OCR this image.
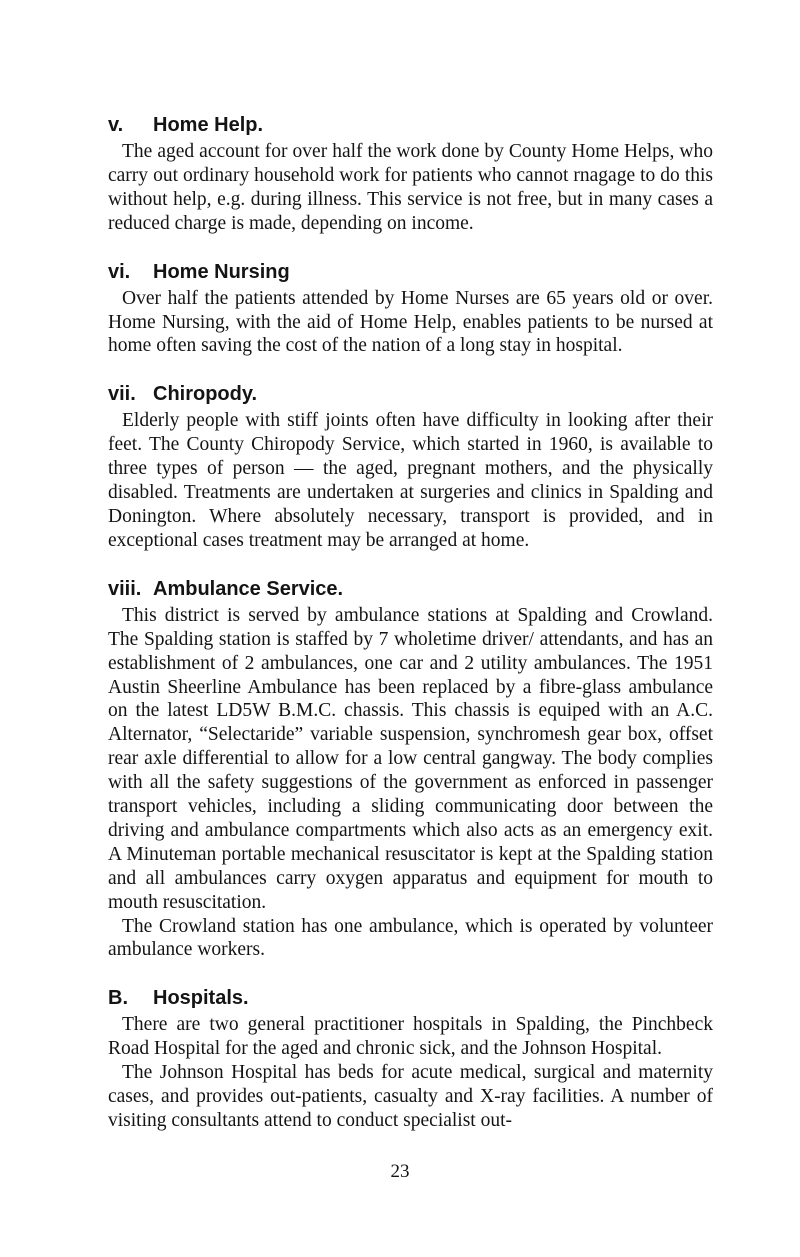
v.	Home Help.

The aged account for over half the work done by County Home Helps, who carry out ordinary household work for patients who cannot rnagage to do this without help, e.g. during illness. This service is not free, but in many cases a reduced charge is made, depending on income.

vi.	Home Nursing

Over half the patients attended by Home Nurses are 65 years old or over. Home Nursing, with the aid of Home Help, enables patients to be nursed at home often saving the cost of the nation of a long stay in hospital.

vii. Chiropody.

Elderly people with stiff joints often have difficulty in looking after their feet. The County Chiropody Service, which started in 1960, is available to three types of person — the aged, pregnant mothers, and the physically disabled. Treatments are undertaken at surgeries and clinics in Spalding and Donington. Where absolutely necessary, transport is provided, and in exceptional cases treatment may be arranged at home.

viii. Ambulance Service.

This district is served by ambulance stations at Spalding and Crowland. The Spalding station is staffed by 7 wholetime driver/ attendants, and has an establishment of 2 ambulances, one car and 2 utility ambulances. The 1951 Austin Sheerline Ambulance has been replaced by a fibre-glass ambulance on the latest LD5W B.M.C. chassis. This chassis is equiped with an A.C. Alternator, “Selectaride” variable suspension, synchromesh gear box, offset rear axle differential to allow for a low central gangway. The body complies with all the safety suggestions of the government as enforced in passenger transport vehicles, including a sliding communicating door between the driving and ambulance compartments which also acts as an emergency exit. A Minuteman portable mechanical resuscitator is kept at the Spalding station and all ambulances carry oxygen apparatus and equipment for mouth to mouth resuscitation.

The Crowland station has one ambulance, which is operated by volunteer ambulance workers.

B.	Hospitals.

There are two general practitioner hospitals in Spalding, the Pinchbeck Road Hospital for the aged and chronic sick, and the Johnson Hospital.

The Johnson Hospital has beds for acute medical, surgical and maternity cases, and provides out-patients, casualty and X-ray facilities. A number of visiting consultants attend to conduct specialist out-

23
